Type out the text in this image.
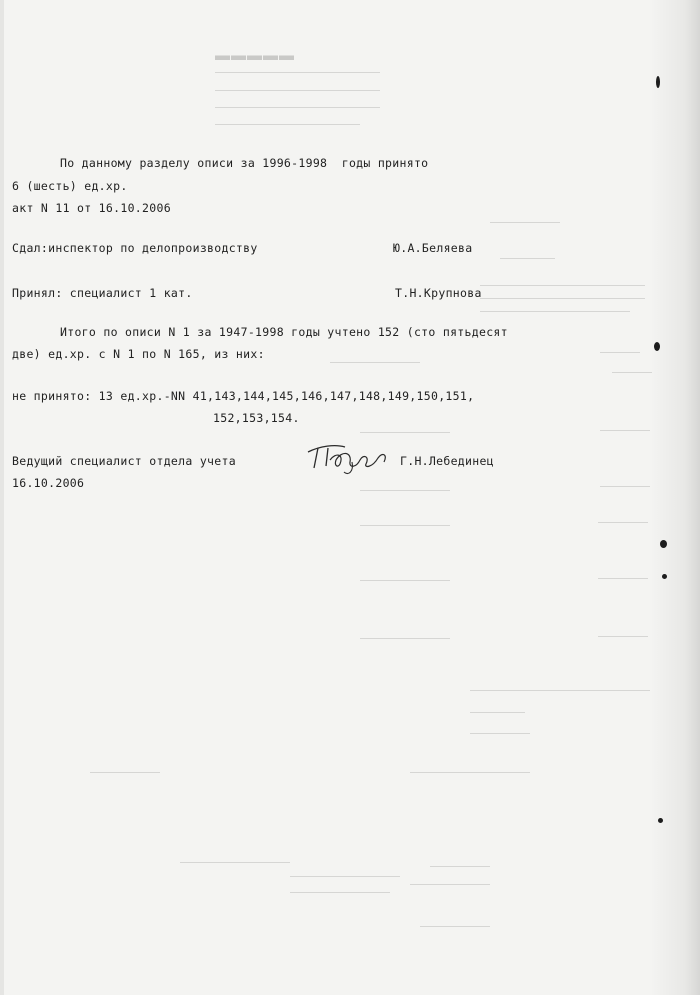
▬▬▬▬▬
По данному разделу описи за 1996-1998  годы принято
6 (шесть) ед.хр.
акт N 11 от 16.10.2006
Сдал:инспектор по делопроизводству	Ю.А.Беляева
Принял: специалист 1 кат.	Т.Н.Крупнова
Итого по описи N 1 за 1947-1998 годы учтено 152 (сто пятьдесят
две) ед.хр. с N 1 по N 165, из них:
не принято: 13 ед.хр.-NN 41,143,144,145,146,147,148,149,150,151,
152,153,154.
Ведущий специалист отдела учета	Г.Н.Лебединец
16.10.2006
